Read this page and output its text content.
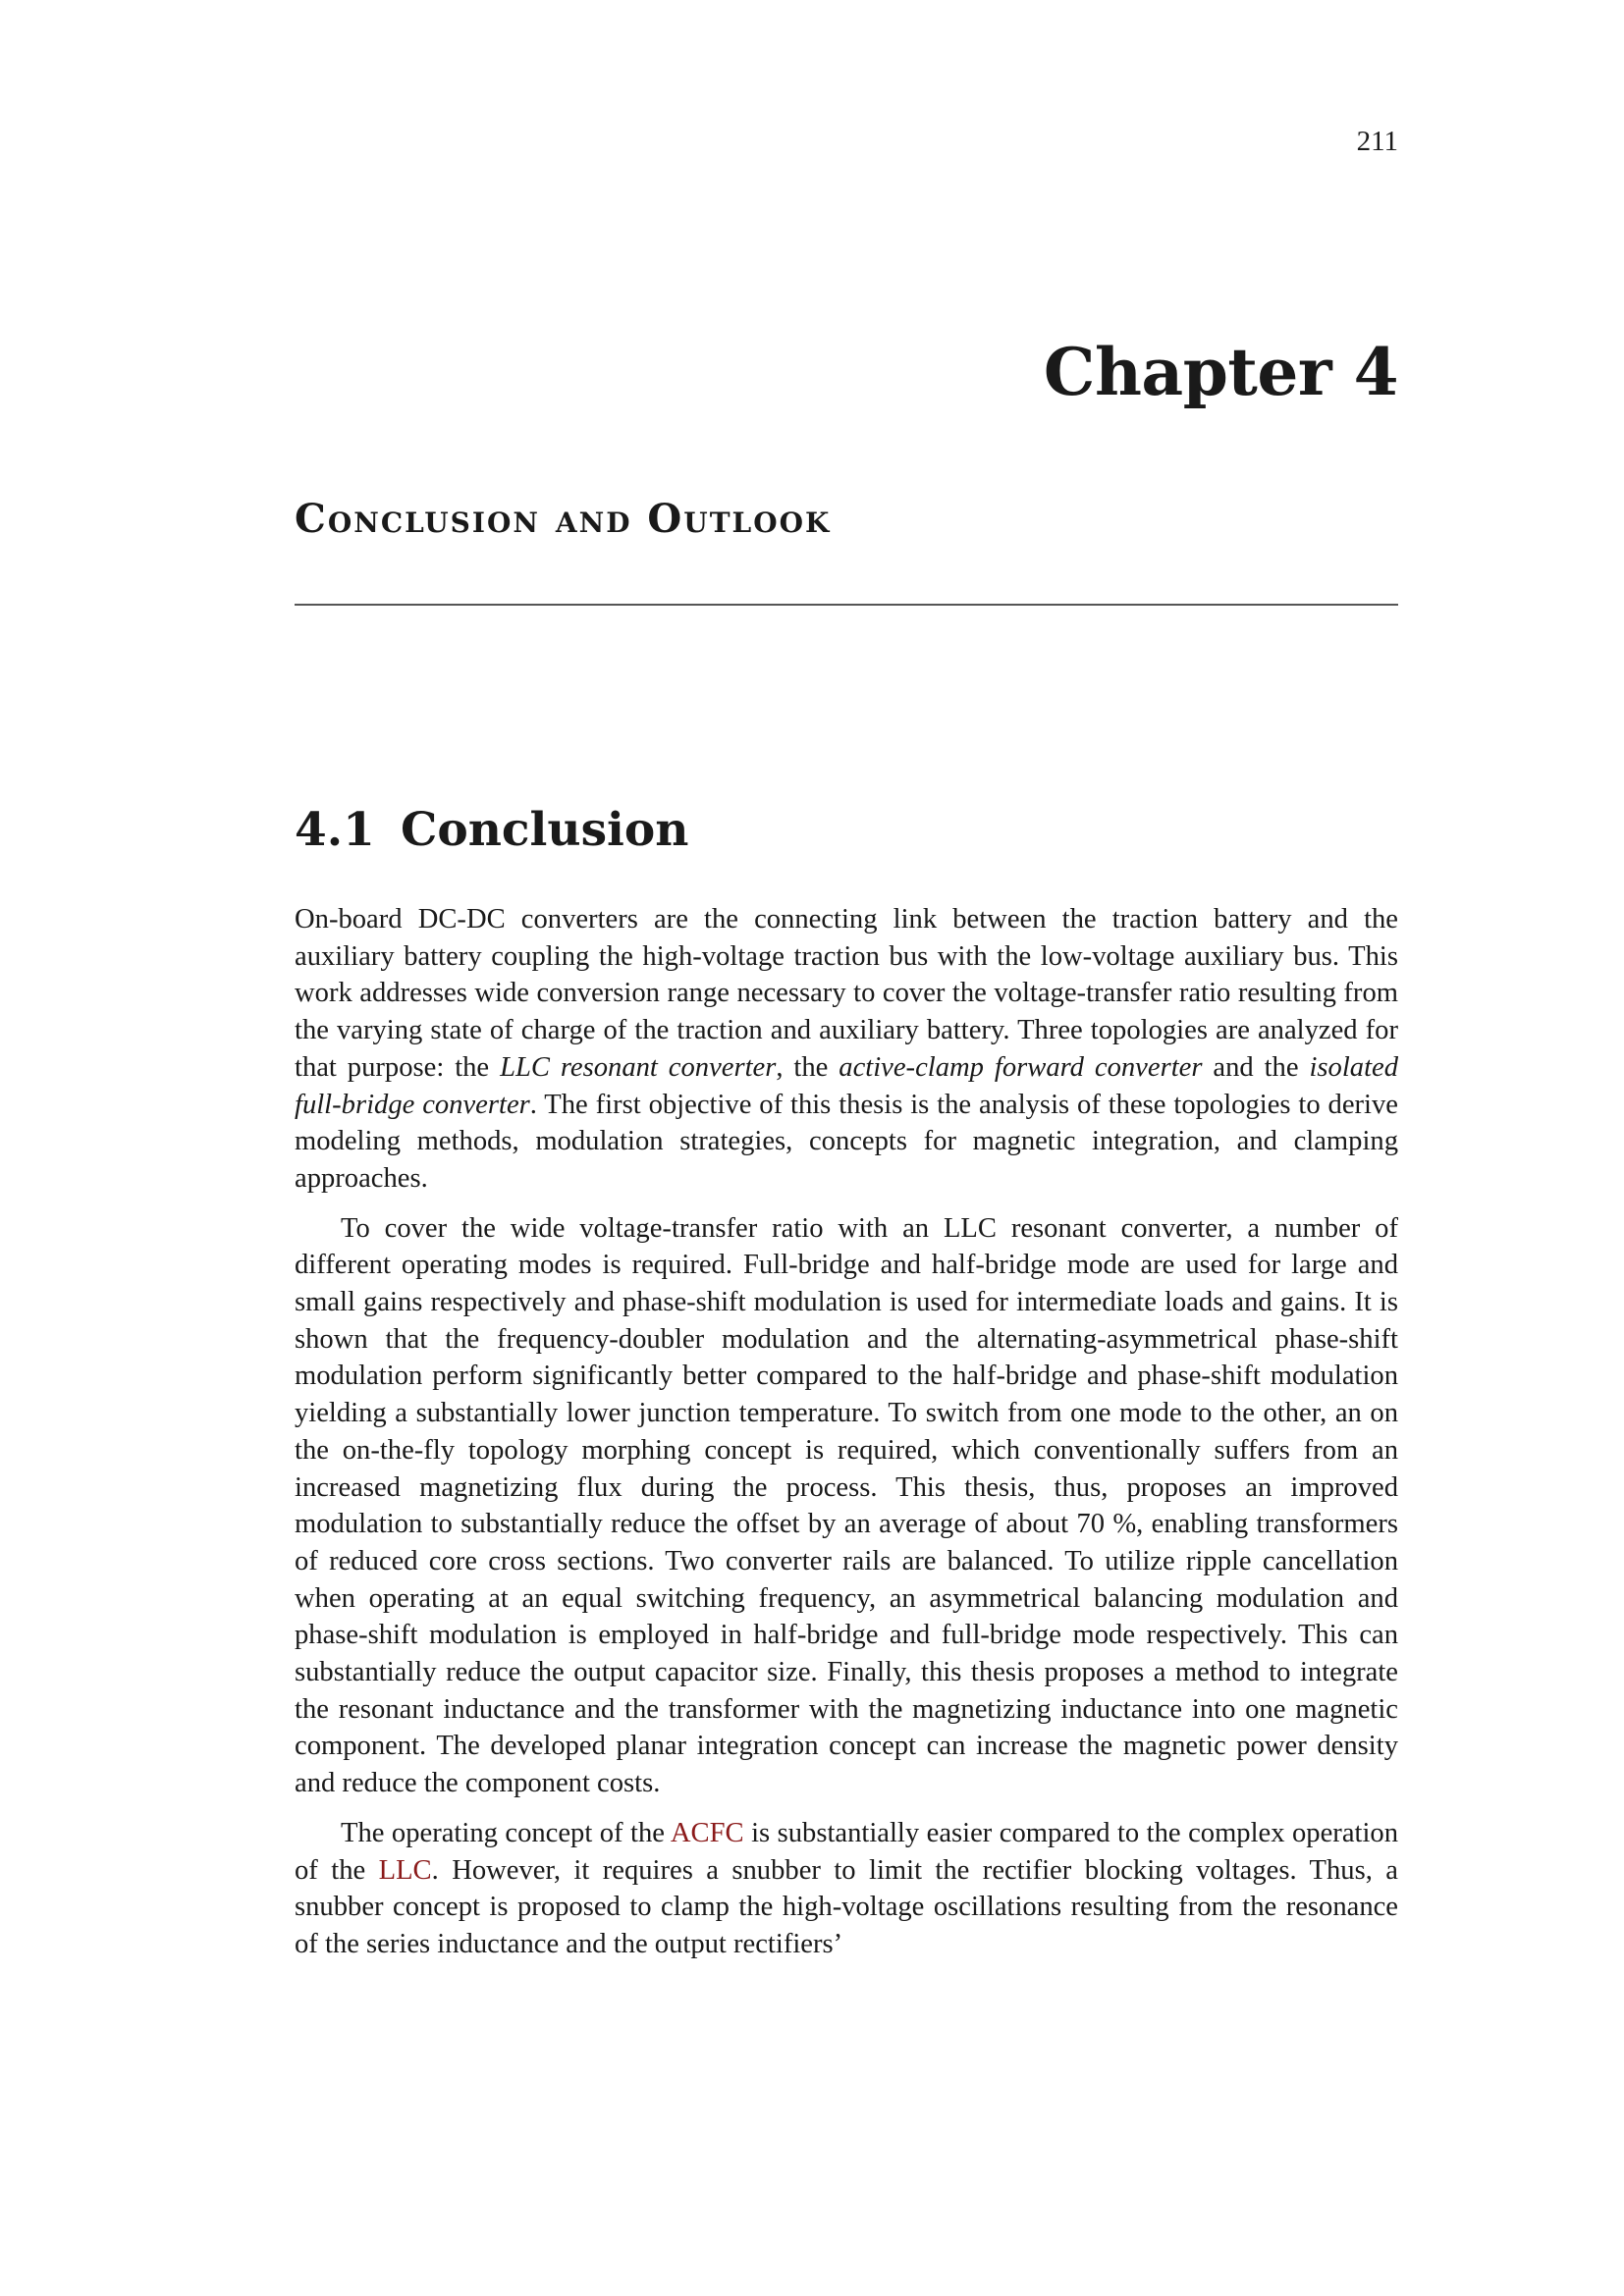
211
Chapter 4
Conclusion and Outlook
4.1 Conclusion

On-board DC-DC converters are the connecting link between the traction battery and the auxiliary battery coupling the high-voltage traction bus with the low-voltage auxiliary bus. This work addresses wide conversion range necessary to cover the voltage-transfer ratio resulting from the varying state of charge of the traction and auxiliary battery. Three topologies are analyzed for that purpose: the LLC resonant converter, the active-clamp forward converter and the isolated full-bridge converter. The first objective of this thesis is the analysis of these topologies to derive modeling methods, modulation strategies, concepts for magnetic integration, and clamping approaches.

To cover the wide voltage-transfer ratio with an LLC resonant converter, a number of different operating modes is required. Full-bridge and half-bridge mode are used for large and small gains respectively and phase-shift modulation is used for intermediate loads and gains. It is shown that the frequency-doubler modulation and the alternating-asymmetrical phase-shift modulation perform significantly better compared to the half-bridge and phase-shift modulation yielding a substantially lower junction temperature. To switch from one mode to the other, an on the on-the-fly topology morphing concept is required, which conventionally suffers from an increased magnetizing flux during the process. This thesis, thus, proposes an improved modulation to substantially reduce the offset by an average of about 70 %, enabling transformers of reduced core cross sections. Two converter rails are balanced. To utilize ripple cancellation when operating at an equal switching frequency, an asymmetrical balancing modulation and phase-shift modulation is employed in half-bridge and full-bridge mode respectively. This can substantially reduce the output capacitor size. Finally, this thesis proposes a method to integrate the resonant inductance and the transformer with the magnetizing inductance into one magnetic component. The developed planar integration concept can increase the magnetic power density and reduce the component costs.

The operating concept of the ACFC is substantially easier compared to the complex operation of the LLC. However, it requires a snubber to limit the rectifier blocking voltages. Thus, a snubber concept is proposed to clamp the high-voltage oscillations resulting from the resonance of the series inductance and the output rectifiers’
